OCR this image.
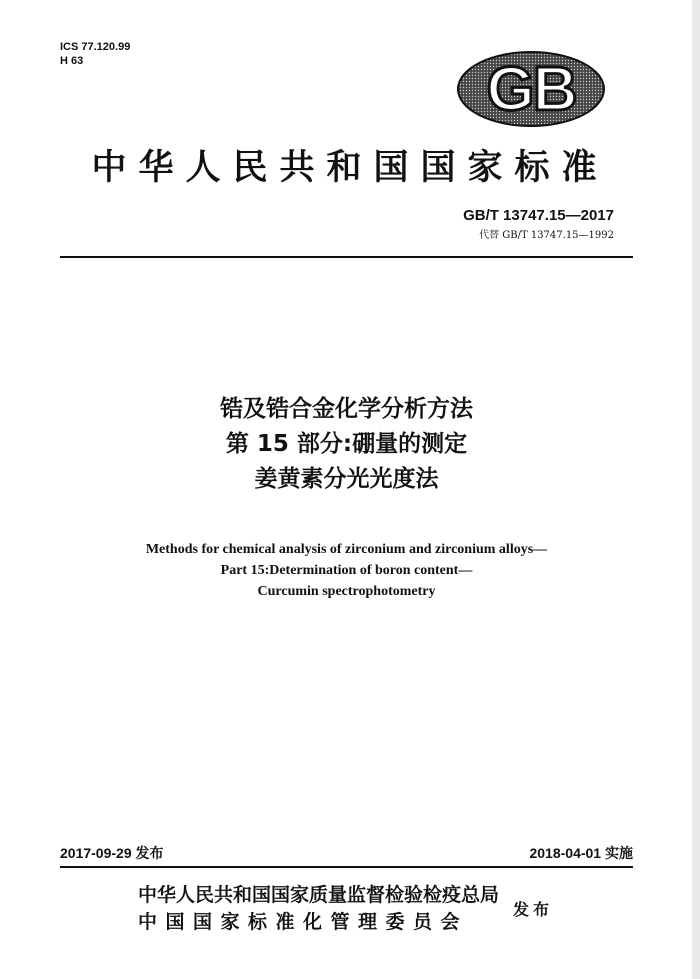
ICS 77.120.99
H 63	GB
中华人民共和国国家标准
GB/T 13747.15—2017
代替 GB/T 13747.15—1992
锆及锆合金化学分析方法
第 15 部分:硼量的测定
姜黄素分光光度法
Methods for chemical analysis of zirconium and zirconium alloys—
Part 15:Determination of boron content—
Curcumin spectrophotometry
2017-09-29 发布	2018-04-01 实施
中华人民共和国国家质量监督检验检疫总局
中国国家标准化管理委员会
发布
